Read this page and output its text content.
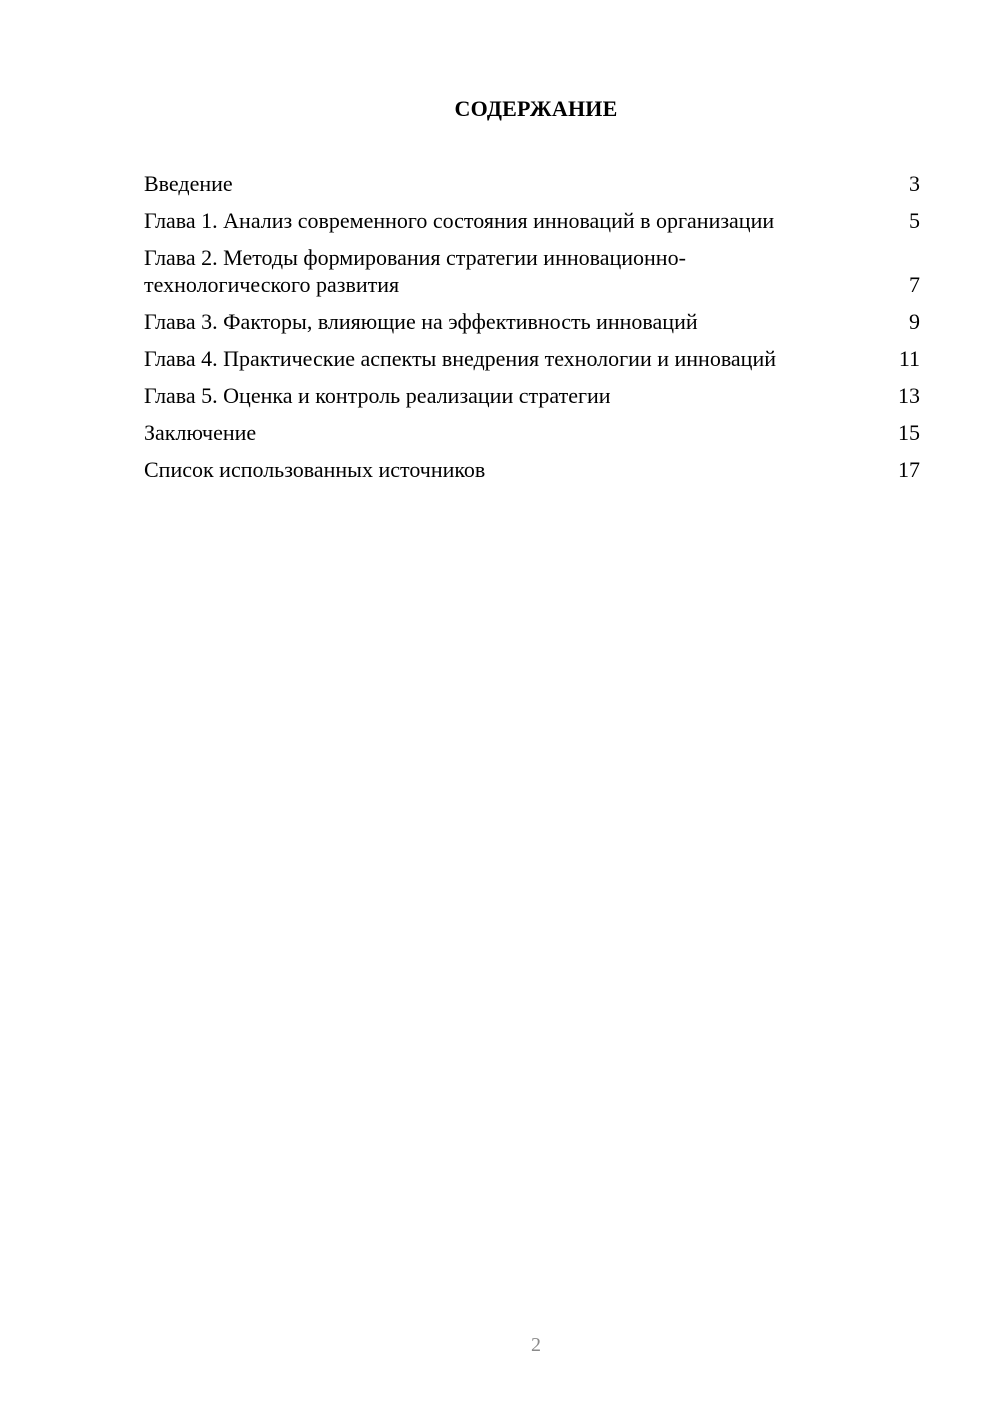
СОДЕРЖАНИЕ
Введение	3
Глава 1. Анализ современного состояния инноваций в организации	5
Глава 2. Методы формирования стратегии инновационно-технологического развития	7
Глава 3. Факторы, влияющие на эффективность инноваций	9
Глава 4. Практические аспекты внедрения технологии и инноваций	11
Глава 5. Оценка и контроль реализации стратегии	13
Заключение	15
Список использованных источников	17
2
